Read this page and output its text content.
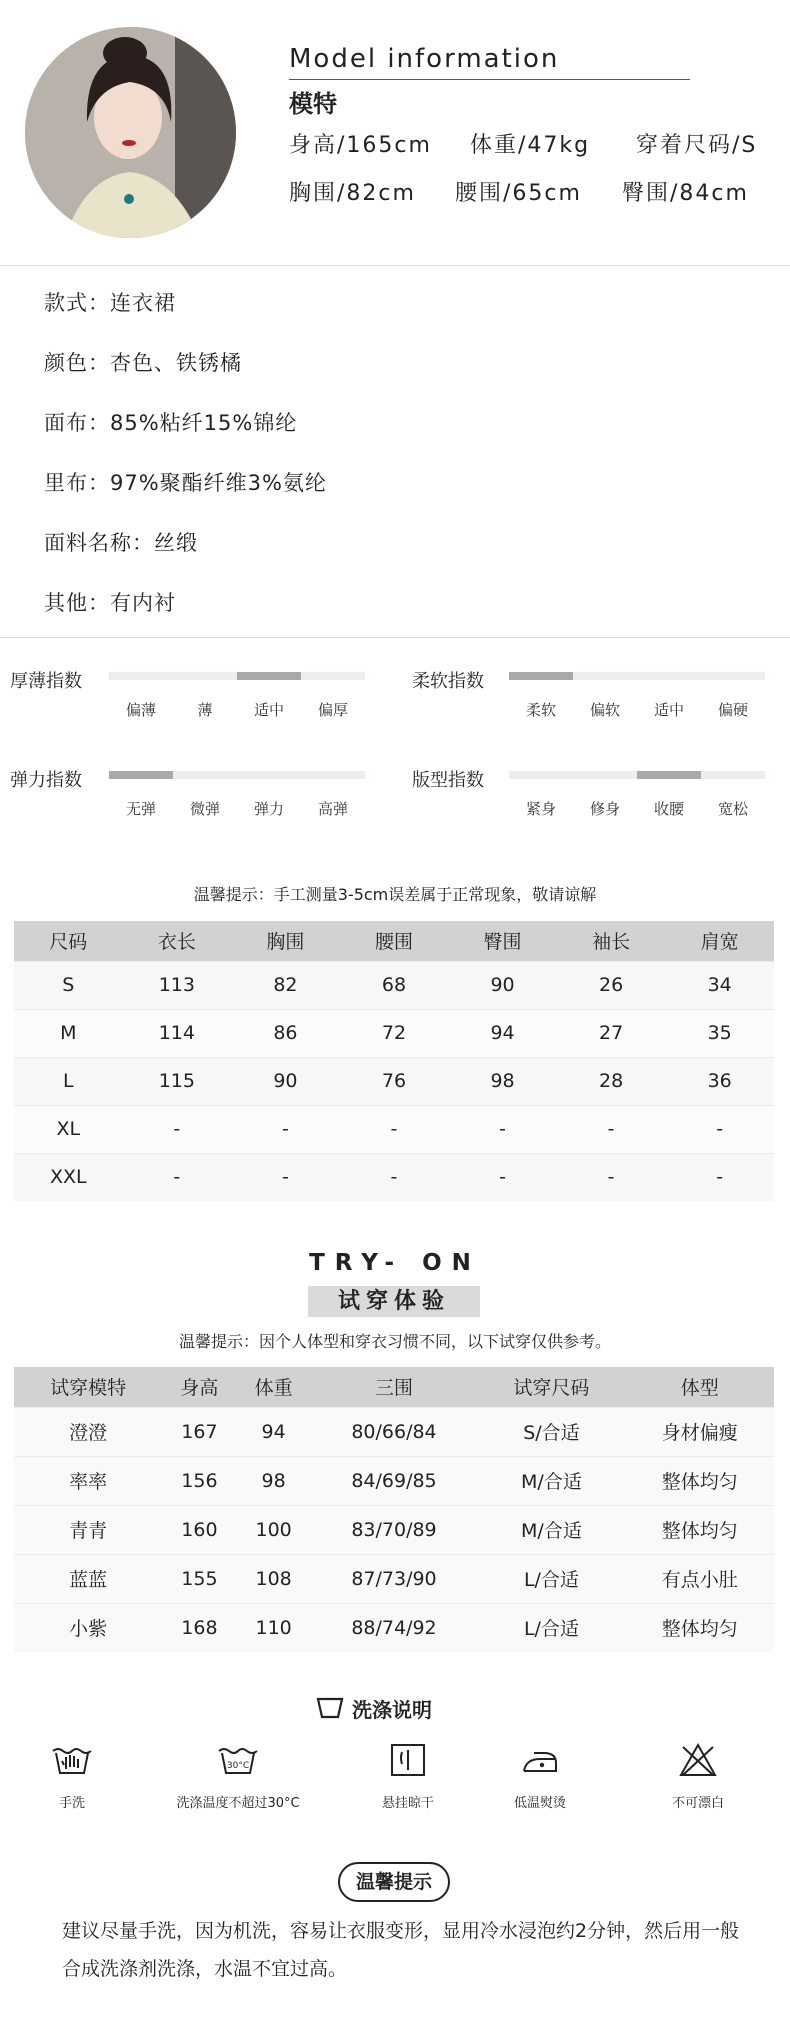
Model information
模特
身高/165cm 体重/47kg 穿着尺码/S
胸围/82cm 腰围/65cm 臀围/84cm
款式：连衣裙
颜色：杏色、铁锈橘
面布：85%粘纤15%锦纶
里布：97%聚酯纤维3%氨纶
面料名称：丝缎
其他：有内衬
厚薄指数
偏薄	薄	适中	偏厚
柔软指数
柔软	偏软	适中	偏硬
弹力指数
无弹	微弹	弹力	高弹
版型指数
紧身	修身	收腰	宽松
温馨提示：手工测量3-5cm误差属于正常现象，敬请谅解
尺码	衣长	胸围	腰围	臀围	袖长	肩宽
S	113	82	68	90	26	34
M	114	86	72	94	27	35
L	115	90	76	98	28	36
XL	-	-	-	-	-	-
XXL	-	-	-	-	-	-
TRY- ON
试穿体验
温馨提示：因个人体型和穿衣习惯不同，以下试穿仅供参考。
试穿模特	身高	体重	三围	试穿尺码	体型
澄澄	167	94	80/66/84	S/合适	身材偏瘦
率率	156	98	84/69/85	M/合适	整体均匀
青青	160	100	83/70/89	M/合适	整体均匀
蓝蓝	155	108	87/73/90	L/合适	有点小肚
小紫	168	110	88/74/92	L/合适	整体均匀
洗涤说明
手洗
30°C
洗涤温度不超过30°C	悬挂晾干	低温熨烫	不可漂白
温馨提示
建议尽量手洗，因为机洗，容易让衣服变形，显用冷水浸泡约2分钟，然后用一般合成洗涤剂洗涤，水温不宜过高。
